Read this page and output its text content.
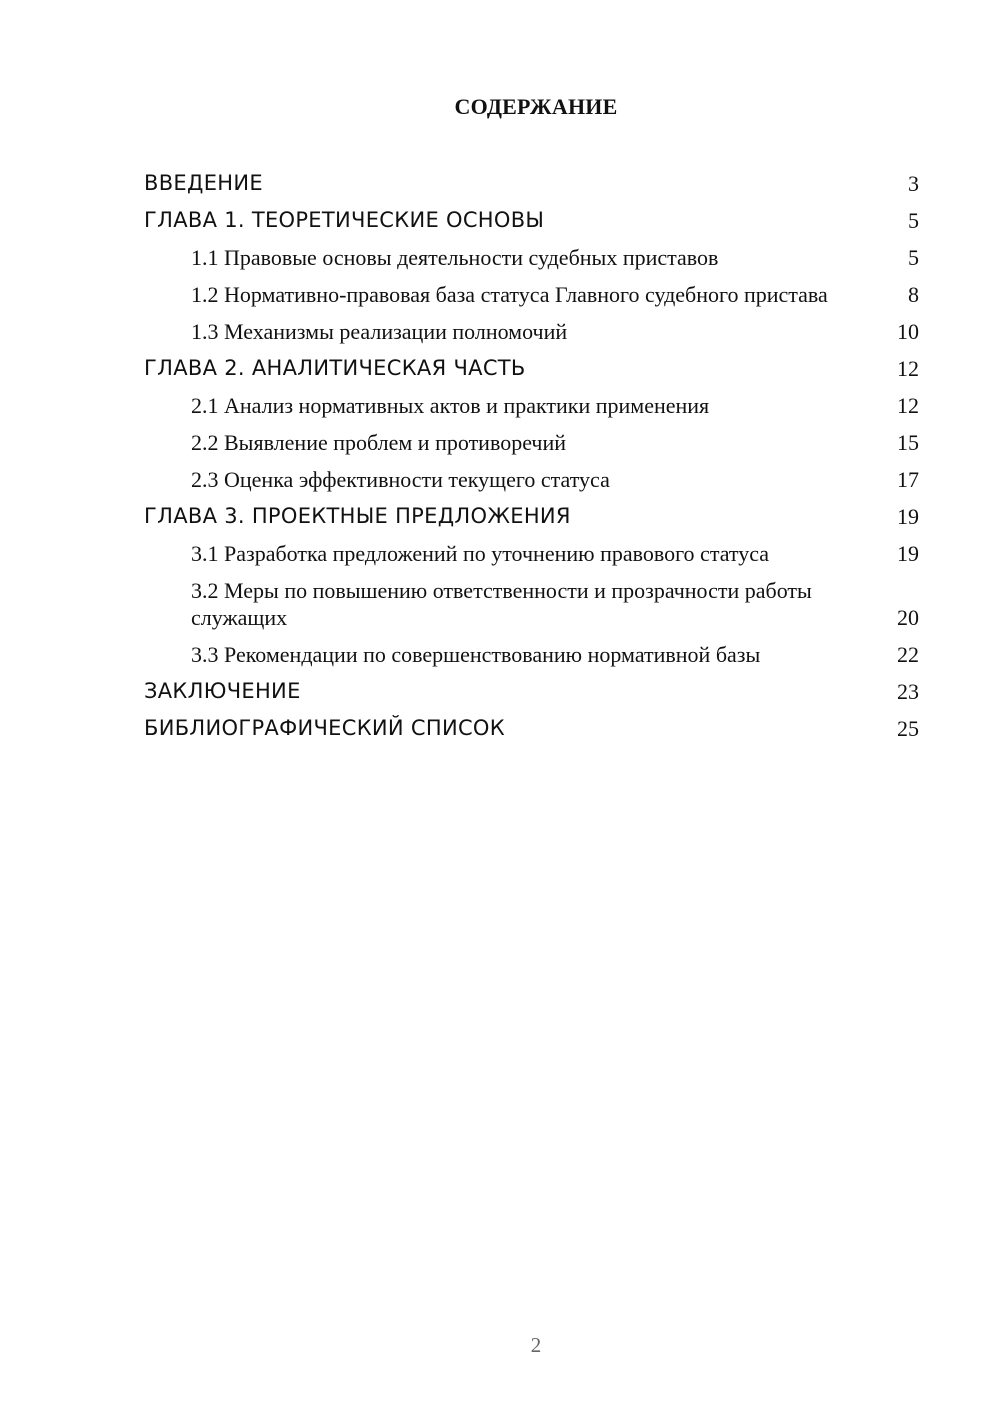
СОДЕРЖАНИЕ
ВВЕДЕНИЕ	3
ГЛАВА 1. ТЕОРЕТИЧЕСКИЕ ОСНОВЫ	5
1.1 Правовые основы деятельности судебных приставов	5
1.2 Нормативно-правовая база статуса Главного судебного пристава	8
1.3 Механизмы реализации полномочий	10
ГЛАВА 2. АНАЛИТИЧЕСКАЯ ЧАСТЬ	12
2.1 Анализ нормативных актов и практики применения	12
2.2 Выявление проблем и противоречий	15
2.3 Оценка эффективности текущего статуса	17
ГЛАВА 3. ПРОЕКТНЫЕ ПРЕДЛОЖЕНИЯ	19
3.1 Разработка предложений по уточнению правового статуса	19
3.2 Меры по повышению ответственности и прозрачности работы служащих	20
3.3 Рекомендации по совершенствованию нормативной базы	22
ЗАКЛЮЧЕНИЕ	23
БИБЛИОГРАФИЧЕСКИЙ СПИСОК	25
2
